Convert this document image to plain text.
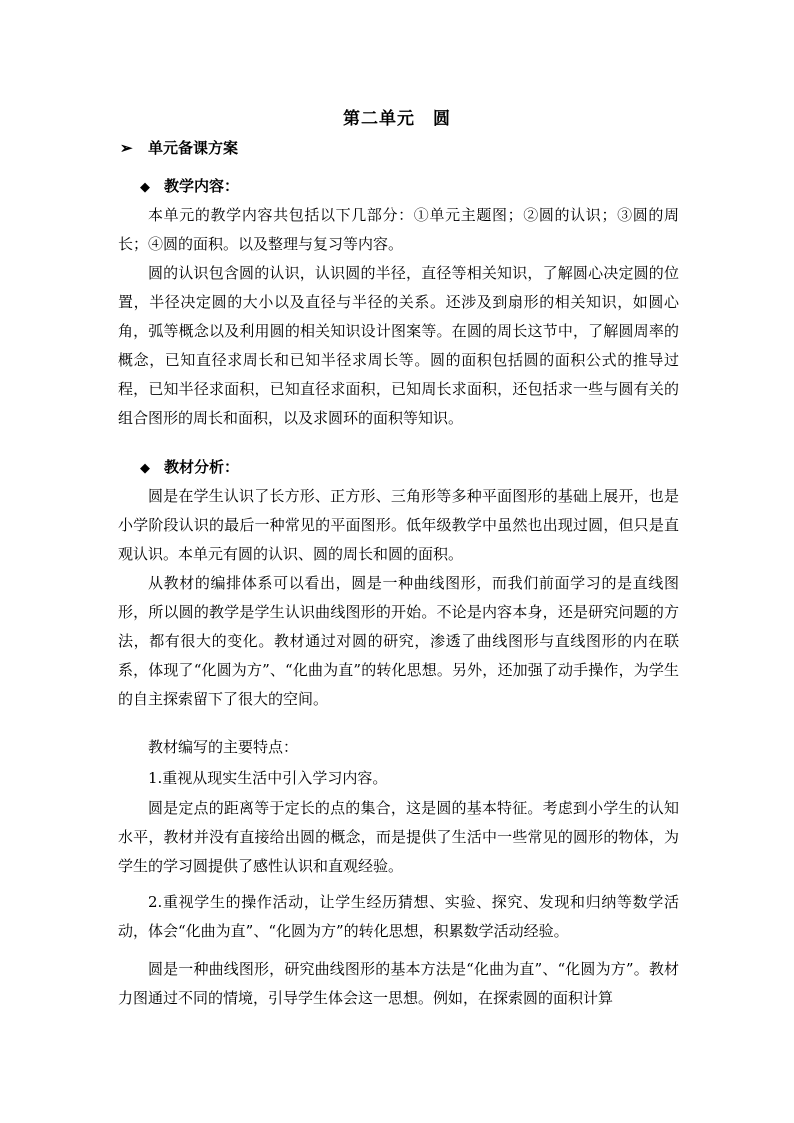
第二单元　圆
➢ 单元备课方案
◆ 教学内容：

本单元的教学内容共包括以下几部分：①单元主题图；②圆的认识；③圆的周长；④圆的面积。以及整理与复习等内容。

圆的认识包含圆的认识，认识圆的半径，直径等相关知识，了解圆心决定圆的位置，半径决定圆的大小以及直径与半径的关系。还涉及到扇形的相关知识，如圆心角，弧等概念以及利用圆的相关知识设计图案等。在圆的周长这节中，了解圆周率的概念，已知直径求周长和已知半径求周长等。圆的面积包括圆的面积公式的推导过程，已知半径求面积，已知直径求面积，已知周长求面积，还包括求一些与圆有关的组合图形的周长和面积，以及求圆环的面积等知识。

◆ 教材分析：

圆是在学生认识了长方形、正方形、三角形等多种平面图形的基础上展开，也是小学阶段认识的最后一种常见的平面图形。低年级教学中虽然也出现过圆，但只是直观认识。本单元有圆的认识、圆的周长和圆的面积。

从教材的编排体系可以看出，圆是一种曲线图形，而我们前面学习的是直线图形，所以圆的教学是学生认识曲线图形的开始。不论是内容本身，还是研究问题的方法，都有很大的变化。教材通过对圆的研究，渗透了曲线图形与直线图形的内在联系，体现了“化圆为方”、“化曲为直”的转化思想。另外，还加强了动手操作，为学生的自主探索留下了很大的空间。

教材编写的主要特点：

1.重视从现实生活中引入学习内容。

圆是定点的距离等于定长的点的集合，这是圆的基本特征。考虑到小学生的认知水平，教材并没有直接给出圆的概念，而是提供了生活中一些常见的圆形的物体，为学生的学习圆提供了感性认识和直观经验。

2.重视学生的操作活动，让学生经历猜想、实验、探究、发现和归纳等数学活动，体会“化曲为直”、“化圆为方”的转化思想，积累数学活动经验。

圆是一种曲线图形，研究曲线图形的基本方法是“化曲为直”、“化圆为方”。教材力图通过不同的情境，引导学生体会这一思想。例如，在探索圆的面积计算
